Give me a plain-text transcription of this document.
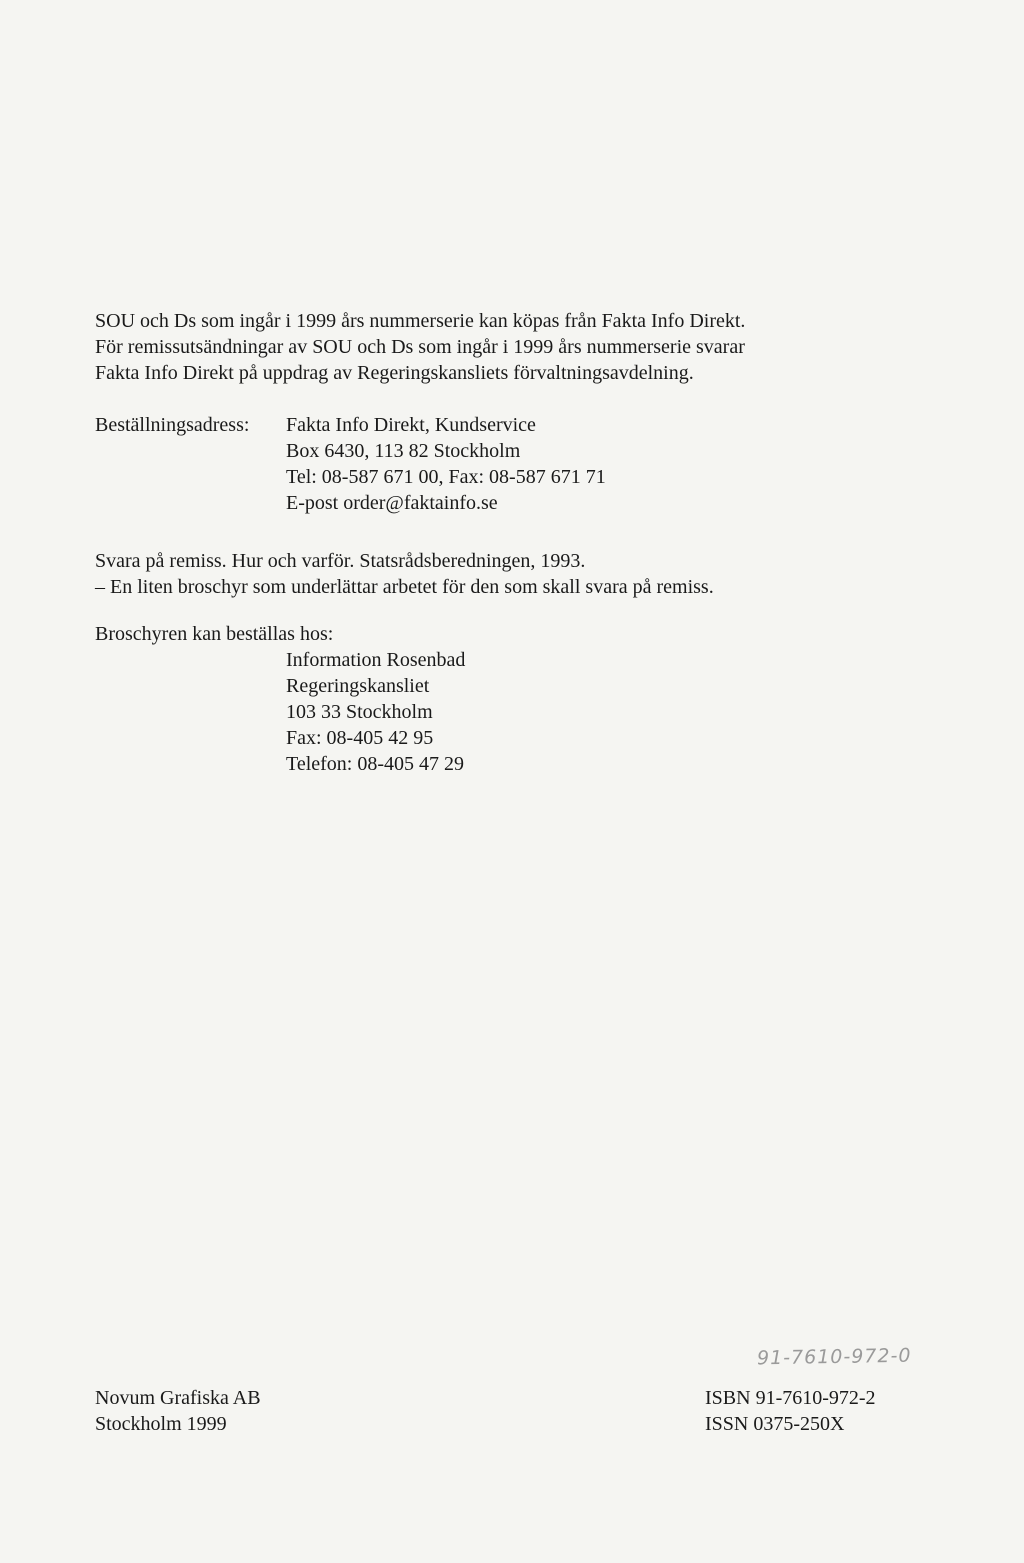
SOU och Ds som ingår i 1999 års nummerserie kan köpas från Fakta Info Direkt.
För remissutsändningar av SOU och Ds som ingår i 1999 års nummerserie svarar
Fakta Info Direkt på uppdrag av Regeringskansliets förvaltningsavdelning.

Beställningsadress: Fakta Info Direkt, Kundservice
Box 6430, 113 82 Stockholm
Tel: 08-587 671 00, Fax: 08-587 671 71
E-post order@faktainfo.se

Svara på remiss. Hur och varför. Statsrådsberedningen, 1993.
– En liten broschyr som underlättar arbetet för den som skall svara på remiss.

Broschyren kan beställas hos:

Information Rosenbad
Regeringskansliet
103 33 Stockholm
Fax: 08-405 42 95
Telefon: 08-405 47 29

Novum Grafiska AB
Stockholm 1999

91-7610-972-0

ISBN 91-7610-972-2
ISSN 0375-250X
